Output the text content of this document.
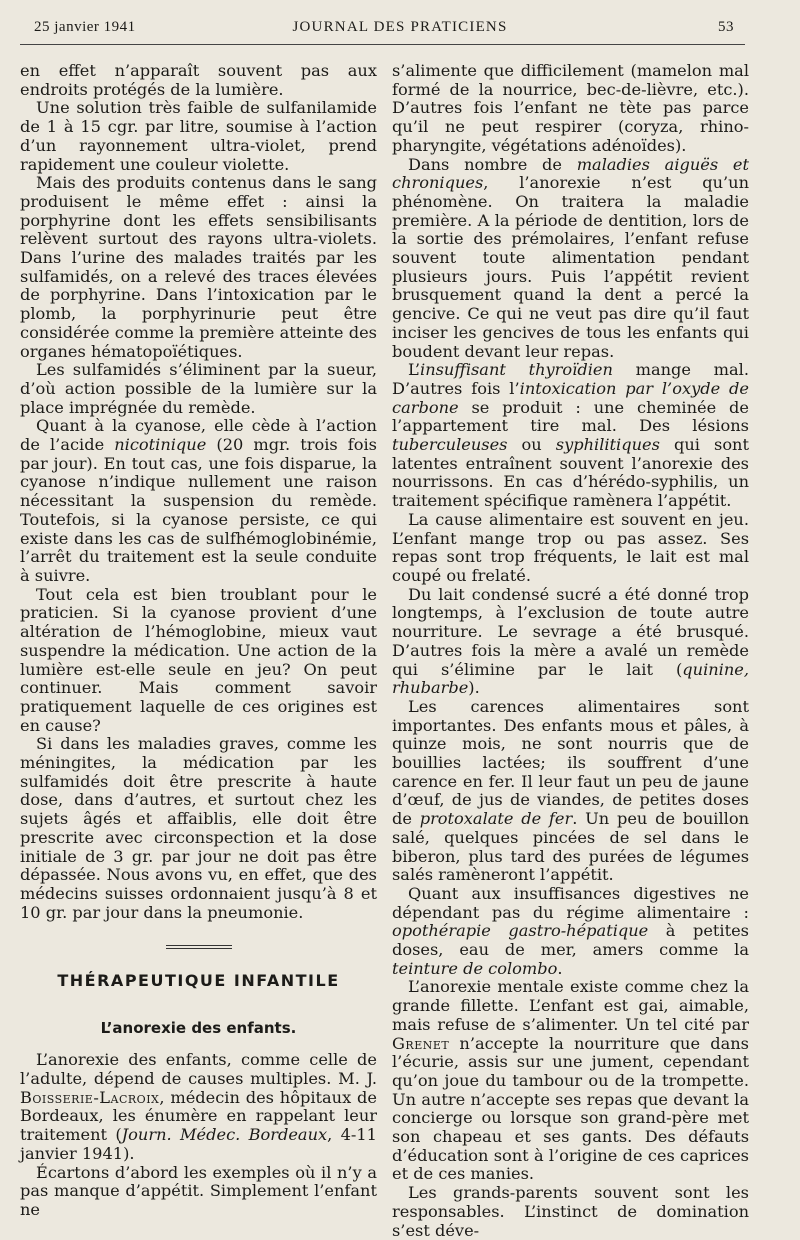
25 janvier 1941	JOURNAL DES PRATICIENS	53

en effet n’apparaît souvent pas aux endroits protégés de la lumière.

Une solution très faible de sulfanilamide de 1 à 15 cgr. par litre, soumise à l’action d’un rayonnement ultra-violet, prend rapidement une couleur violette.

Mais des produits contenus dans le sang produisent le même effet : ainsi la porphyrine dont les effets sensibilisants relèvent surtout des rayons ultra-violets. Dans l’urine des malades traités par les sulfamidés, on a relevé des traces élevées de porphyrine. Dans l’intoxication par le plomb, la porphyrinurie peut être considérée comme la première atteinte des organes hématopoïétiques.

Les sulfamidés s’éliminent par la sueur, d’où action possible de la lumière sur la place imprégnée du remède.

Quant à la cyanose, elle cède à l’action de l’acide nicotinique (20 mgr. trois fois par jour). En tout cas, une fois disparue, la cyanose n’indique nullement une raison nécessitant la suspension du remède. Toutefois, si la cyanose persiste, ce qui existe dans les cas de sulfhémoglobinémie, l’arrêt du traitement est la seule conduite à suivre.

Tout cela est bien troublant pour le praticien. Si la cyanose provient d’une altération de l’hémoglobine, mieux vaut suspendre la médication. Une action de la lumière est-elle seule en jeu? On peut continuer. Mais comment savoir pratiquement laquelle de ces origines est en cause?

Si dans les maladies graves, comme les méningites, la médication par les sulfamidés doit être prescrite à haute dose, dans d’autres, et surtout chez les sujets âgés et affaiblis, elle doit être prescrite avec circonspection et la dose initiale de 3 gr. par jour ne doit pas être dépassée. Nous avons vu, en effet, que des médecins suisses ordonnaient jusqu’à 8 et 10 gr. par jour dans la pneumonie.

THÉRAPEUTIQUE INFANTILE
L’anorexie des enfants.

L’anorexie des enfants, comme celle de l’adulte, dépend de causes multiples. M. J. Boisserie-Lacroix, médecin des hôpitaux de Bordeaux, les énumère en rappelant leur traitement (Journ. Médec. Bordeaux, 4-11 janvier 1941).

Écartons d’abord les exemples où il n’y a pas manque d’appétit. Simplement l’enfant ne

s’alimente que difficilement (mamelon mal formé de la nourrice, bec-de-lièvre, etc.). D’autres fois l’enfant ne tète pas parce qu’il ne peut respirer (coryza, rhino-pharyngite, végétations adénoïdes).

Dans nombre de maladies aiguës et chroniques, l’anorexie n’est qu’un phénomène. On traitera la maladie première. A la période de dentition, lors de la sortie des prémolaires, l’enfant refuse souvent toute alimentation pendant plusieurs jours. Puis l’appétit revient brusquement quand la dent a percé la gencive. Ce qui ne veut pas dire qu’il faut inciser les gencives de tous les enfants qui boudent devant leur repas.

L’insuffisant thyroïdien mange mal. D’autres fois l’intoxication par l’oxyde de carbone se produit : une cheminée de l’appartement tire mal. Des lésions tuberculeuses ou syphilitiques qui sont latentes entraînent souvent l’anorexie des nourrissons. En cas d’hérédo-syphilis, un traitement spécifique ramènera l’appétit.

La cause alimentaire est souvent en jeu. L’enfant mange trop ou pas assez. Ses repas sont trop fréquents, le lait est mal coupé ou frelaté.

Du lait condensé sucré a été donné trop longtemps, à l’exclusion de toute autre nourriture. Le sevrage a été brusqué. D’autres fois la mère a avalé un remède qui s’élimine par le lait (quinine, rhubarbe).

Les carences alimentaires sont importantes. Des enfants mous et pâles, à quinze mois, ne sont nourris que de bouillies lactées; ils souffrent d’une carence en fer. Il leur faut un peu de jaune d’œuf, de jus de viandes, de petites doses de protoxalate de fer. Un peu de bouillon salé, quelques pincées de sel dans le biberon, plus tard des purées de légumes salés ramèneront l’appétit.

Quant aux insuffisances digestives ne dépendant pas du régime alimentaire : opothérapie gastro-hépatique à petites doses, eau de mer, amers comme la teinture de colombo.

L’anorexie mentale existe comme chez la grande fillette. L’enfant est gai, aimable, mais refuse de s’alimenter. Un tel cité par Grenet n’accepte la nourriture que dans l’écurie, assis sur une jument, cependant qu’on joue du tambour ou de la trompette. Un autre n’accepte ses repas que devant la concierge ou lorsque son grand-père met son chapeau et ses gants. Des défauts d’éducation sont à l’origine de ces caprices et de ces manies.

Les grands-parents souvent sont les responsables. L’instinct de domination s’est déve-
